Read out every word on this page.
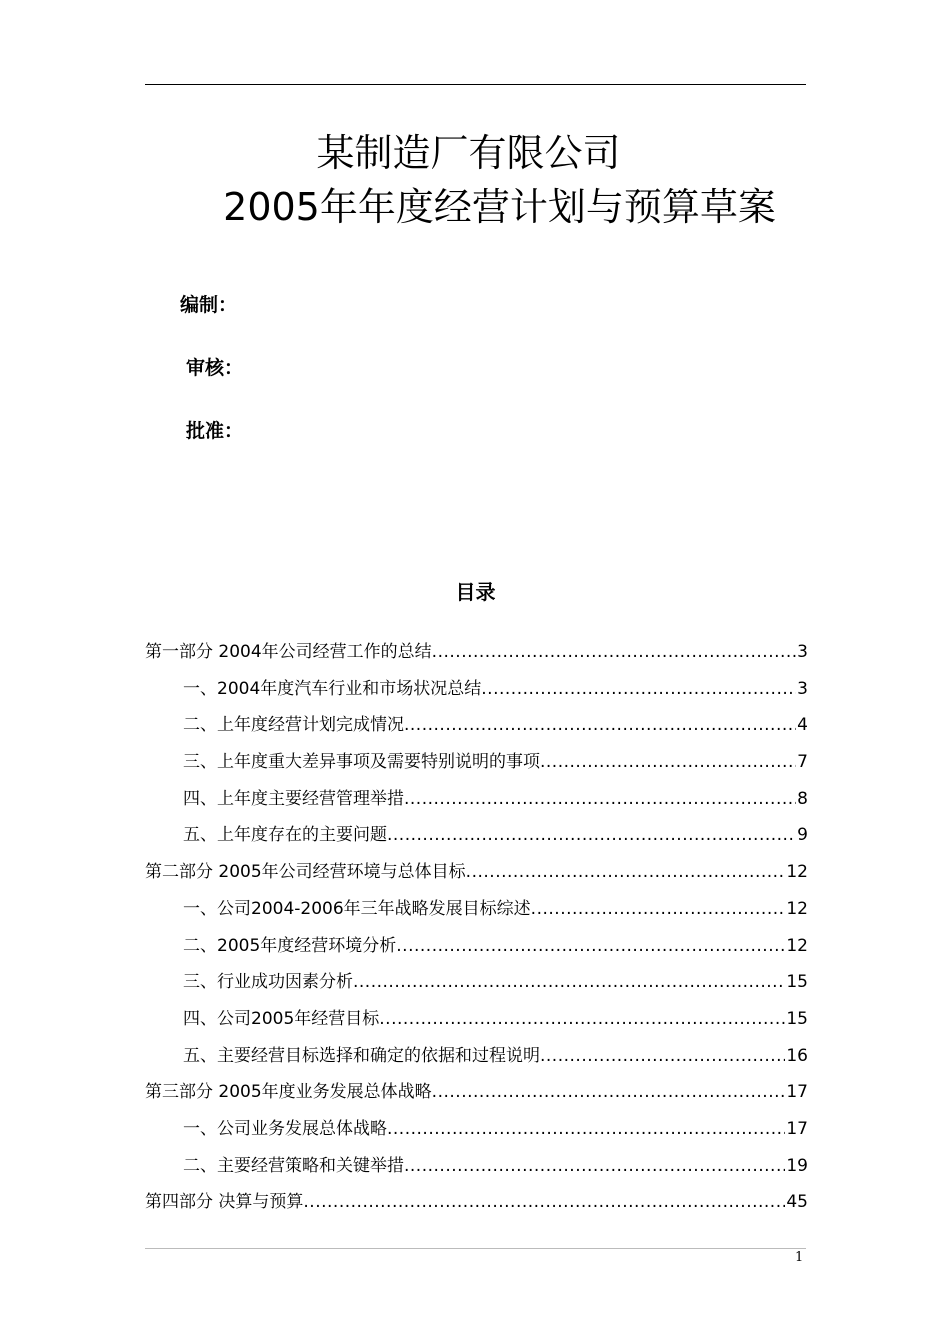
某制造厂有限公司
2005年年度经营计划与预算草案
编制：
审核：
批准：
目录
第一部分 2004年公司经营工作的总结 .....	3
一、2004年度汽车行业和市场状况总结 .....	3
二、上年度经营计划完成情况 .....	4
三、上年度重大差异事项及需要特别说明的事项 .....	7
四、上年度主要经营管理举措 .....	8
五、上年度存在的主要问题 .....	9
第二部分 2005年公司经营环境与总体目标 .....	12
一、公司2004-2006年三年战略发展目标综述 .....	12
二、2005年度经营环境分析 .....	12
三、行业成功因素分析 .....	15
四、公司2005年经营目标 .....	15
五、主要经营目标选择和确定的依据和过程说明 .....	16
第三部分 2005年度业务发展总体战略 .....	17
一、公司业务发展总体战略 .....	17
二、主要经营策略和关键举措 .....	19
第四部分 决算与预算 .....	45
1
